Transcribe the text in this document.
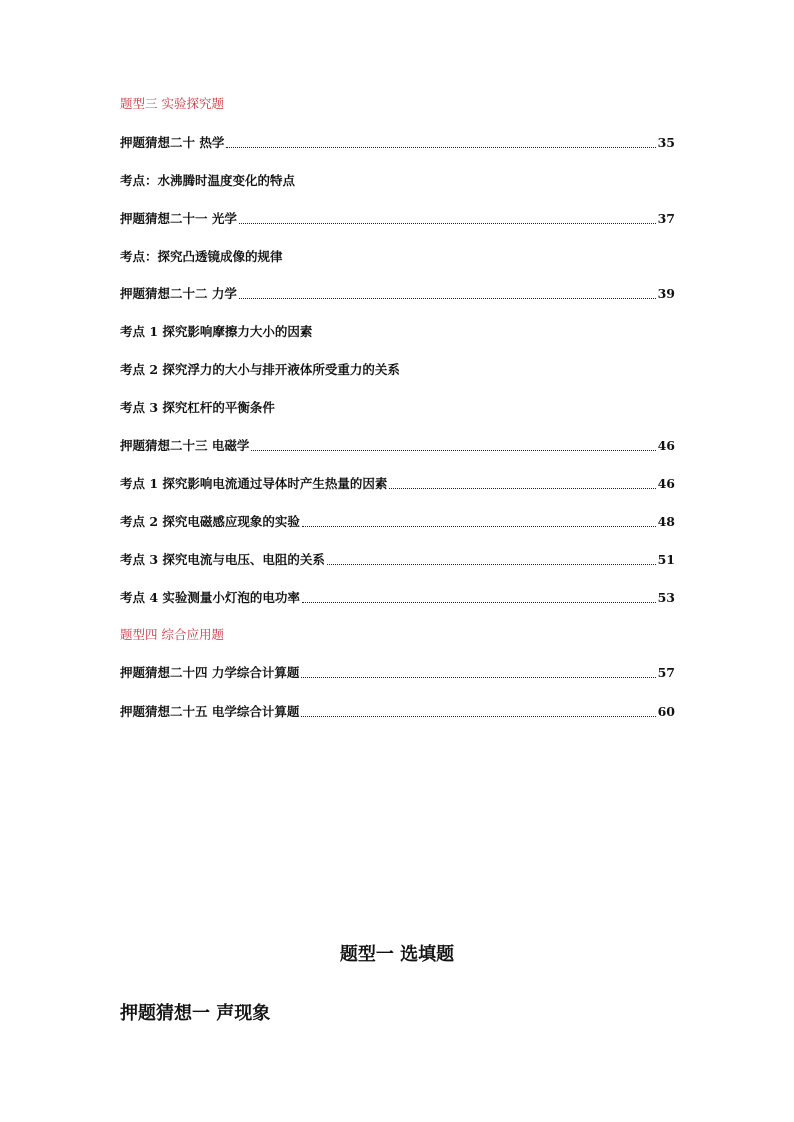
题型三 实验探究题
押题猜想二十 热学	35
考点：水沸腾时温度变化的特点
押题猜想二十一 光学	37
考点：探究凸透镜成像的规律
押题猜想二十二 力学	39
考点 1 探究影响摩擦力大小的因素
考点 2 探究浮力的大小与排开液体所受重力的关系
考点 3 探究杠杆的平衡条件
押题猜想二十三 电磁学	46
考点 1 探究影响电流通过导体时产生热量的因素	46
考点 2 探究电磁感应现象的实验	48
考点 3 探究电流与电压、电阻的关系	51
考点 4 实验测量小灯泡的电功率	53
题型四 综合应用题
押题猜想二十四 力学综合计算题	57
押题猜想二十五 电学综合计算题	60
题型一 选填题
押题猜想一 声现象
